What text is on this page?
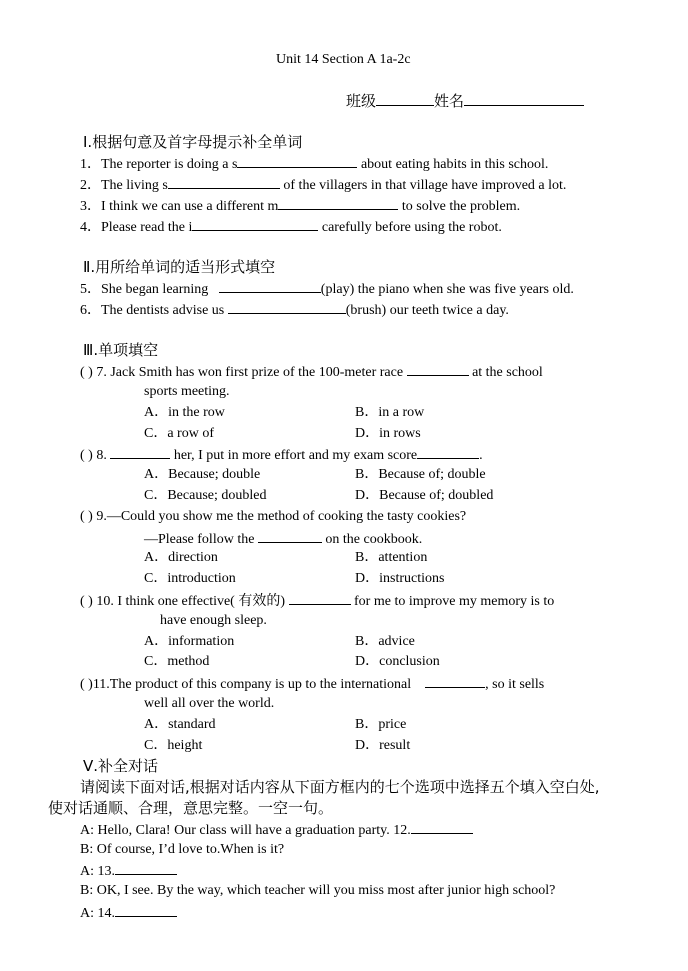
Unit 14 Section A 1a-2c
班级	姓名
Ⅰ.根据句意及首字母提示补全单词
1．The reporter is doing a s	about eating habits in this school.
2．The living s	of the villagers in that village have improved a lot.
3．I think we can use a different m	to solve the problem.
4．Please read the i	carefully before using the robot.
Ⅱ.用所给单词的适当形式填空
5．She began learning	(play) the piano when she was five years old.
6．The dentists advise us	(brush) our teeth twice a day.
Ⅲ.单项填空
( ) 7. Jack Smith has won first prize of the 100-meter race	at the school
sports meeting.
A．in the row	B．in a row
C．a row of	D．in rows
( ) 8.	her, I put in more effort and my exam score	.
A．Because; double	B．Because of; double
C．Because; doubled	D．Because of; doubled
( ) 9.—Could you show me the method of cooking the tasty cookies?
—Please follow the	on the cookbook.
A．direction	B．attention
C．introduction	D．instructions
( ) 10. I think one effective( 有效的)	for me to improve my memory is to
have enough sleep.
A．information	B．advice
C．method	D．conclusion
( )11.The product of this company is up to the international	, so it sells
well all over the world.
A．standard	B．price
C．height	D．result
Ⅴ.补全对话
请阅读下面对话,根据对话内容从下面方框内的七个选项中选择五个填入空白处,
使对话通顺、合理，意思完整。一空一句。
A: Hello, Clara! Our class will have a graduation party. 12.
B: Of course, I’d love to.When is it?
A: 13.
B: OK, I see. By the way, which teacher will you miss most after junior high school?
A: 14.
